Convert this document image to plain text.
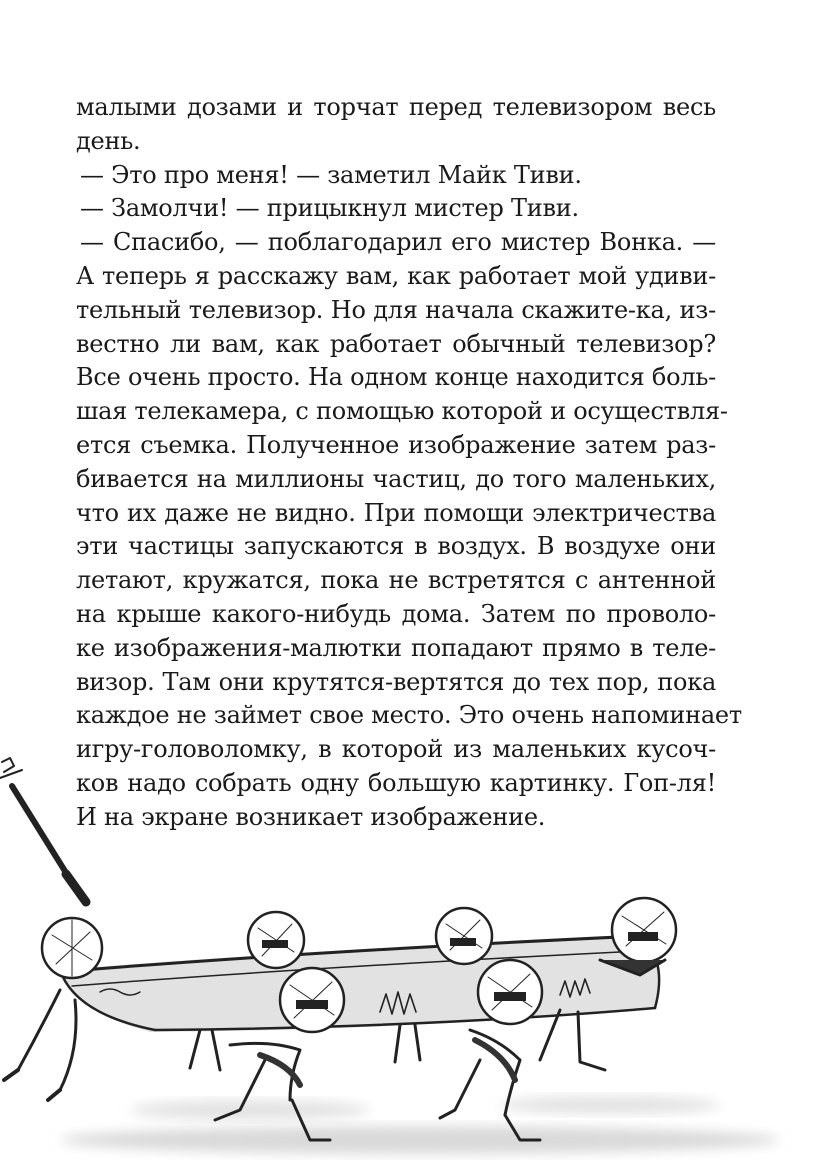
малыми дозами и торчат перед телевизором весь
день.
— Это про меня! — заметил Майк Тиви.
— Замолчи! — прицыкнул мистер Тиви.
— Спасибо, — поблагодарил его мистер Вонка. —
А теперь я расскажу вам, как работает мой удиви-
тельный телевизор. Но для начала скажите-ка, из-
вестно ли вам, как работает обычный телевизор?
Все очень просто. На одном конце находится боль-
шая телекамера, с помощью которой и осуществля-
ется съемка. Полученное изображение затем раз-
бивается на миллионы частиц, до того маленьких,
что их даже не видно. При помощи электричества
эти частицы запускаются в воздух. В воздухе они
летают, кружатся, пока не встретятся с антенной
на крыше какого-нибудь дома. Затем по проволо-
ке изображения-малютки попадают прямо в теле-
визор. Там они крутятся-вертятся до тех пор, пока
каждое не займет свое место. Это очень напоминает
игру-головоломку, в которой из маленьких кусоч-
ков надо собрать одну большую картинку. Гоп-ля!
И на экране возникает изображение.
